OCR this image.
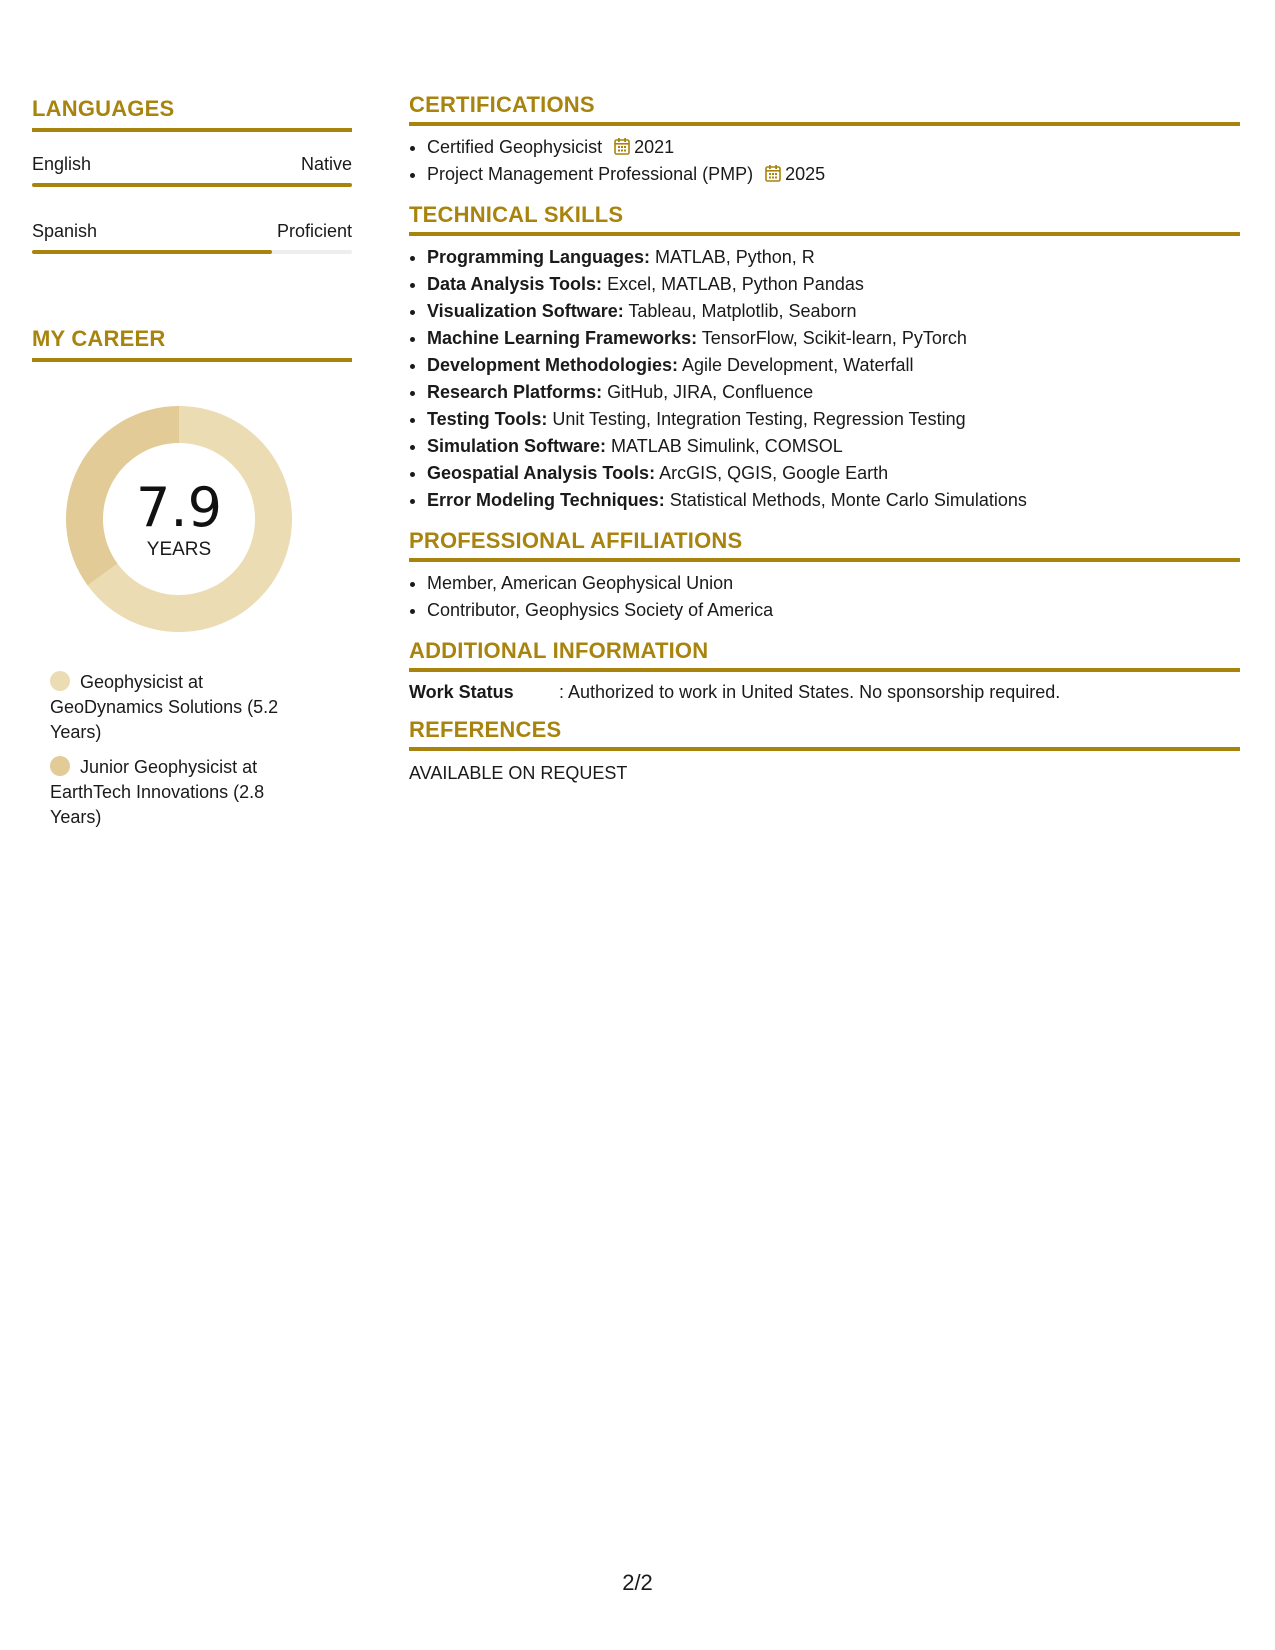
LANGUAGES
English	Native
Spanish	Proficient
MY CAREER
7.9
YEARS
Geophysicist at GeoDynamics Solutions (5.2 Years)
Junior Geophysicist at EarthTech Innovations (2.8 Years)
CERTIFICATIONS
• Certified Geophysicist 2021
• Project Management Professional (PMP) 2025
TECHNICAL SKILLS
• Programming Languages: MATLAB, Python, R
• Data Analysis Tools: Excel, MATLAB, Python Pandas
• Visualization Software: Tableau, Matplotlib, Seaborn
• Machine Learning Frameworks: TensorFlow, Scikit-learn, PyTorch
• Development Methodologies: Agile Development, Waterfall
• Research Platforms: GitHub, JIRA, Confluence
• Testing Tools: Unit Testing, Integration Testing, Regression Testing
• Simulation Software: MATLAB Simulink, COMSOL
• Geospatial Analysis Tools: ArcGIS, QGIS, Google Earth
• Error Modeling Techniques: Statistical Methods, Monte Carlo Simulations
PROFESSIONAL AFFILIATIONS
• Member, American Geophysical Union
• Contributor, Geophysics Society of America
ADDITIONAL INFORMATION
Work Status	: Authorized to work in United States. No sponsorship required.
REFERENCES
AVAILABLE ON REQUEST
2/2
